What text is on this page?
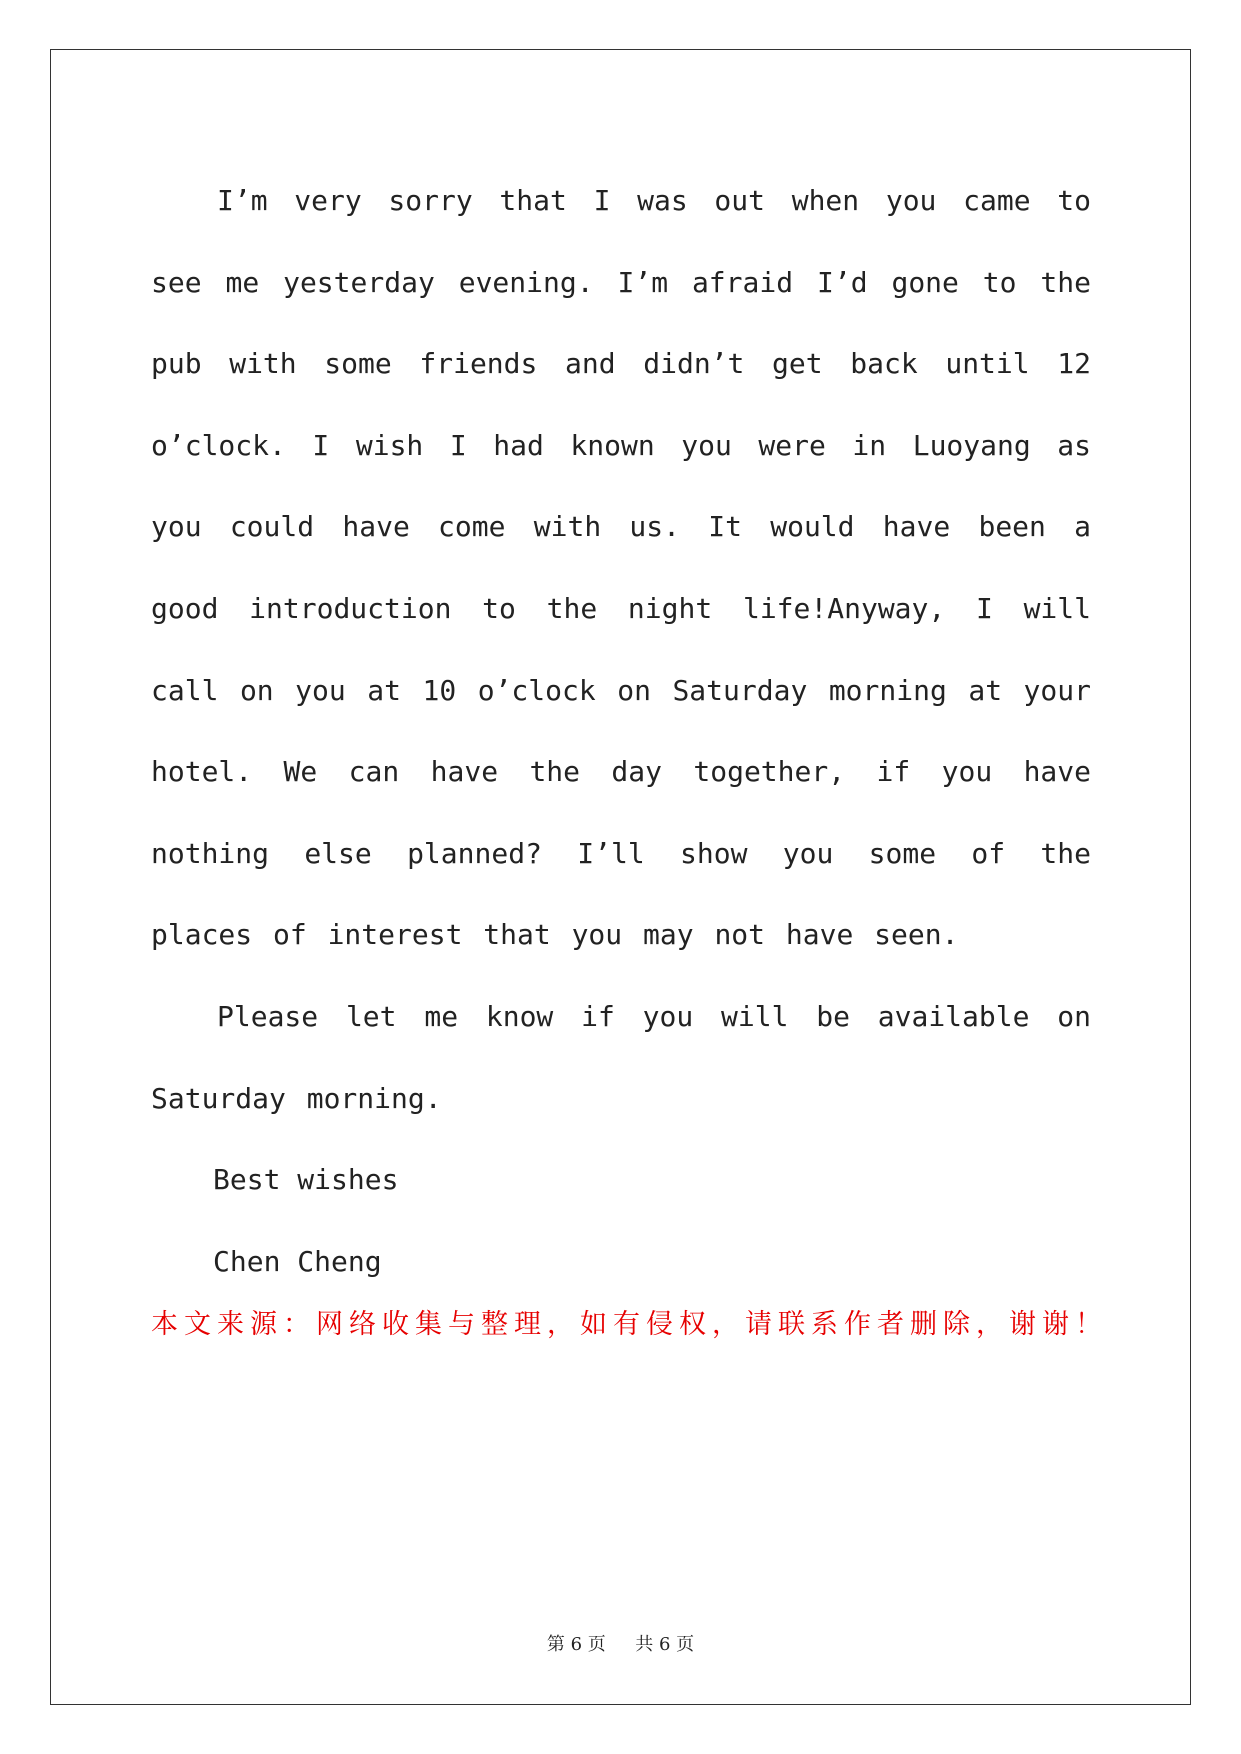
I’m very sorry that I was out when you came to see me yesterday evening. I’m afraid I’d gone to the pub with some friends and didn’t get back until 12 o’clock. I wish I had known you were in Luoyang as you could have come with us. It would have been a good introduction to the night life!Anyway, I will call on you at 10 o’clock on Saturday morning at your hotel. We can have the day together, if you have nothing else planned? I’ll show you some of the places of interest that you may not have seen.

Please let me know if you will be available on Saturday morning.

Best wishes

Chen Cheng

本文来源：网络收集与整理，如有侵权，请联系作者删除，谢谢！
第 6 页 共 6 页
